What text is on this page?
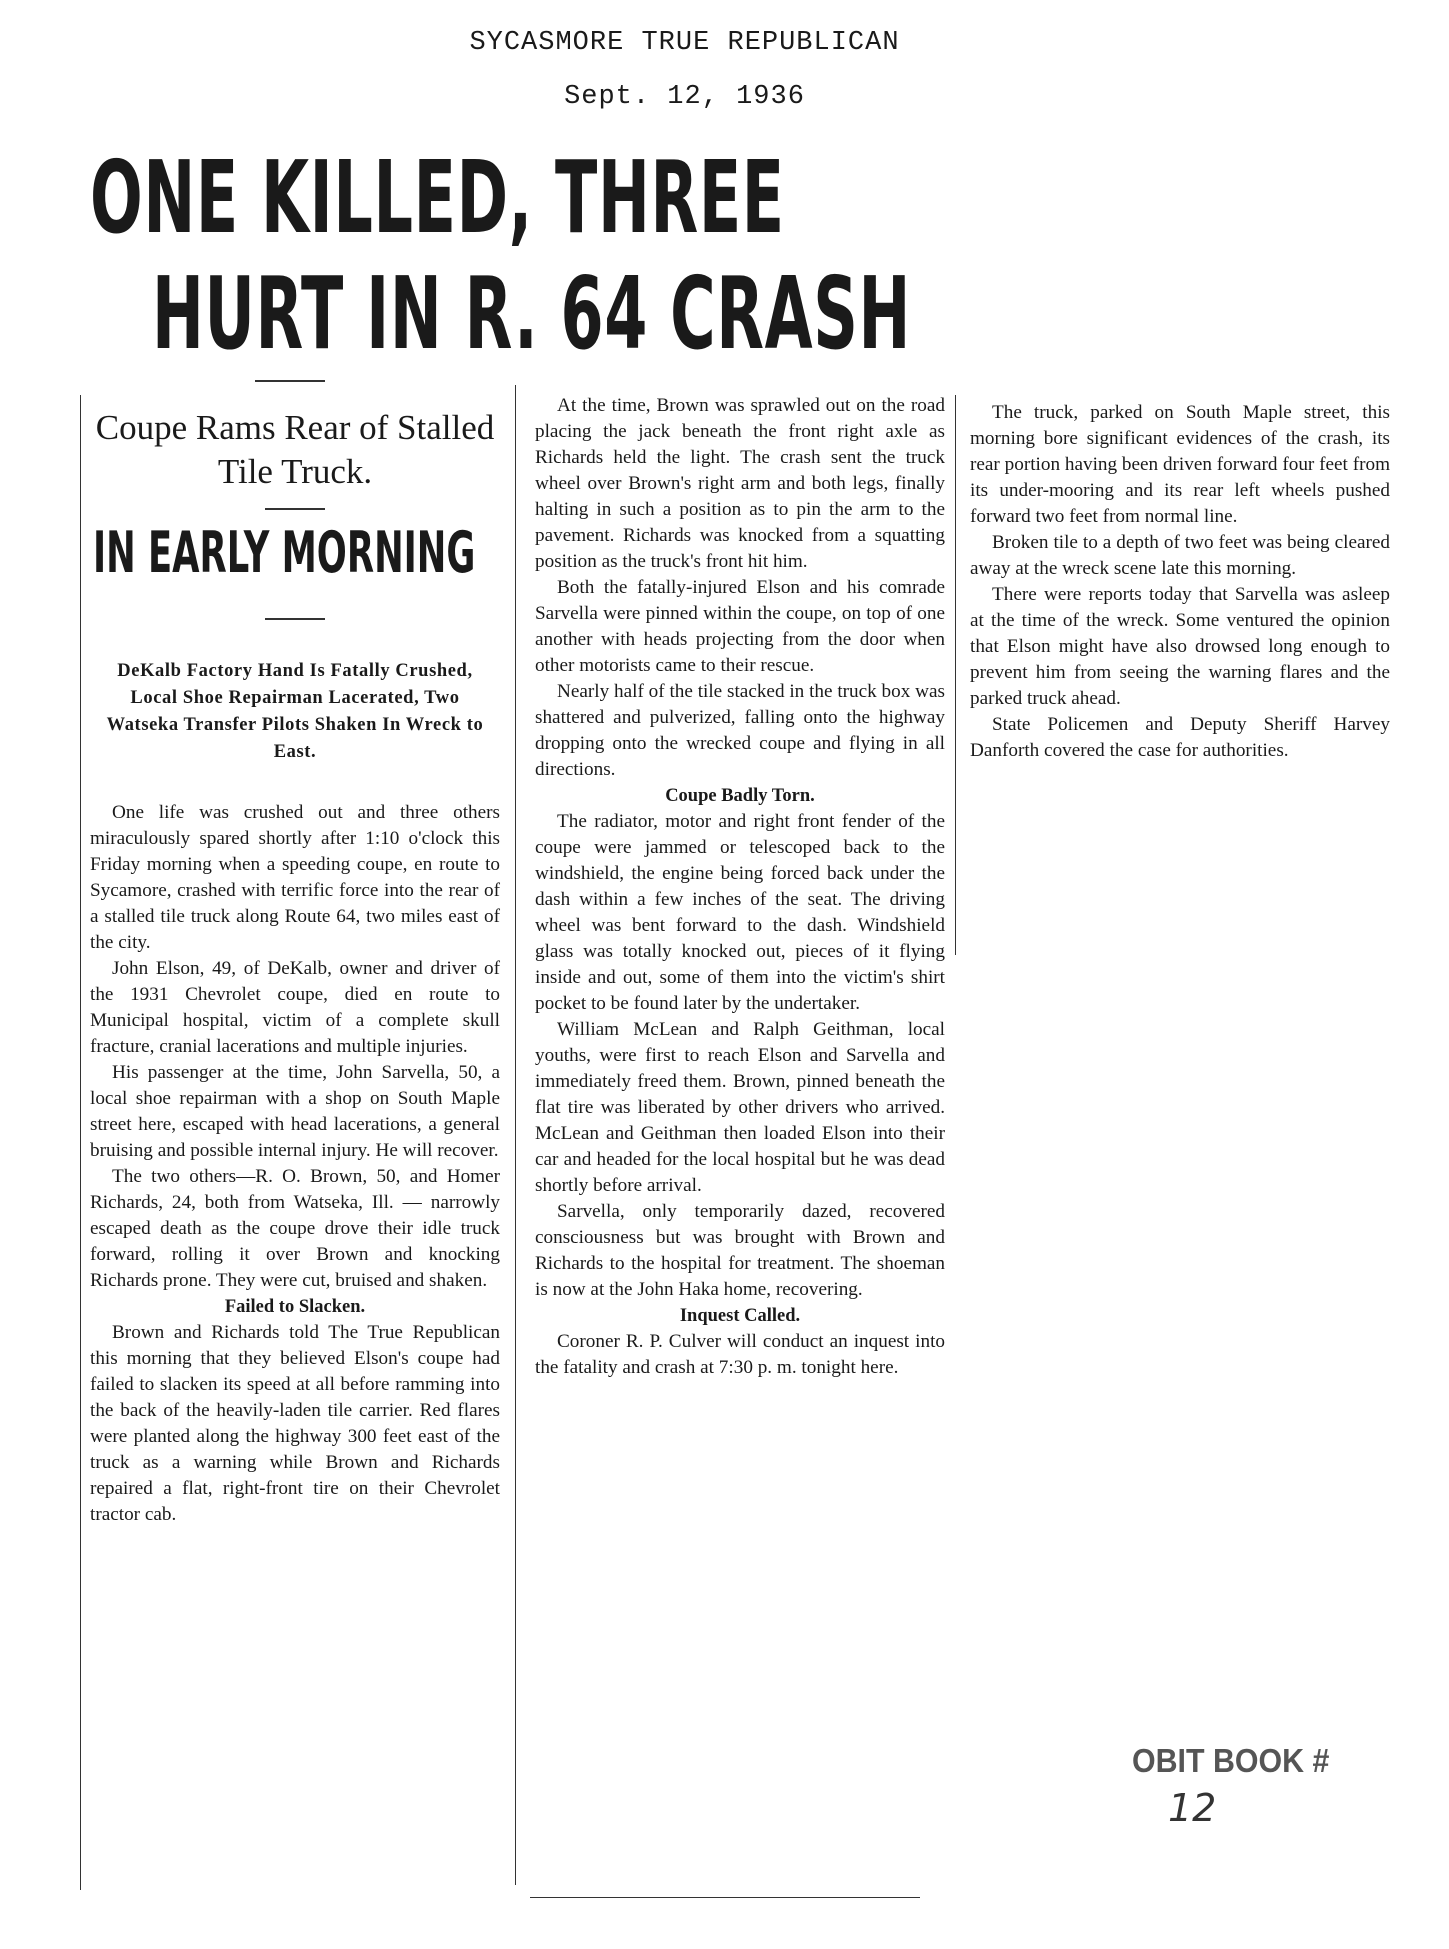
SYCASMORE TRUE REPUBLICAN
Sept. 12, 1936
ONE KILLED, THREE
HURT IN R. 64 CRASH
Coupe Rams Rear of Stalled Tile Truck.
IN EARLY MORNING
DeKalb Factory Hand Is Fatally Crushed, Local Shoe Repairman Lacerated, Two Watseka Transfer Pilots Shaken In Wreck to East.

One life was crushed out and three others miraculously spared shortly after 1:10 o'clock this Friday morning when a speeding coupe, en route to Sycamore, crashed with terrific force into the rear of a stalled tile truck along Route 64, two miles east of the city.

John Elson, 49, of DeKalb, owner and driver of the 1931 Chevrolet coupe, died en route to Municipal hospital, victim of a complete skull fracture, cranial lacerations and multiple injuries.

His passenger at the time, John Sarvella, 50, a local shoe repairman with a shop on South Maple street here, escaped with head lacerations, a general bruising and possible internal injury. He will recover.

The two others—R. O. Brown, 50, and Homer Richards, 24, both from Watseka, Ill. — narrowly escaped death as the coupe drove their idle truck forward, rolling it over Brown and knocking Richards prone. They were cut, bruised and shaken.

Failed to Slacken.

Brown and Richards told The True Republican this morning that they believed Elson's coupe had failed to slacken its speed at all before ramming into the back of the heavily-laden tile carrier. Red flares were planted along the highway 300 feet east of the truck as a warning while Brown and Richards repaired a flat, right-front tire on their Chevrolet tractor cab.

At the time, Brown was sprawled out on the road placing the jack beneath the front right axle as Richards held the light. The crash sent the truck wheel over Brown's right arm and both legs, finally halting in such a position as to pin the arm to the pavement. Richards was knocked from a squatting position as the truck's front hit him.

Both the fatally-injured Elson and his comrade Sarvella were pinned within the coupe, on top of one another with heads projecting from the door when other motorists came to their rescue.

Nearly half of the tile stacked in the truck box was shattered and pulverized, falling onto the highway dropping onto the wrecked coupe and flying in all directions.

Coupe Badly Torn.

The radiator, motor and right front fender of the coupe were jammed or telescoped back to the windshield, the engine being forced back under the dash within a few inches of the seat. The driving wheel was bent forward to the dash. Windshield glass was totally knocked out, pieces of it flying inside and out, some of them into the victim's shirt pocket to be found later by the undertaker.

William McLean and Ralph Geithman, local youths, were first to reach Elson and Sarvella and immediately freed them. Brown, pinned beneath the flat tire was liberated by other drivers who arrived. McLean and Geithman then loaded Elson into their car and headed for the local hospital but he was dead shortly before arrival.

Sarvella, only temporarily dazed, recovered consciousness but was brought with Brown and Richards to the hospital for treatment. The shoeman is now at the John Haka home, recovering.

Inquest Called.

Coroner R. P. Culver will conduct an inquest into the fatality and crash at 7:30 p. m. tonight here.

The truck, parked on South Maple street, this morning bore significant evidences of the crash, its rear portion having been driven forward four feet from its under-mooring and its rear left wheels pushed forward two feet from normal line.

Broken tile to a depth of two feet was being cleared away at the wreck scene late this morning.

There were reports today that Sarvella was asleep at the time of the wreck. Some ventured the opinion that Elson might have also drowsed long enough to prevent him from seeing the warning flares and the parked truck ahead.

State Policemen and Deputy Sheriff Harvey Danforth covered the case for authorities.

OBIT BOOK #
12
